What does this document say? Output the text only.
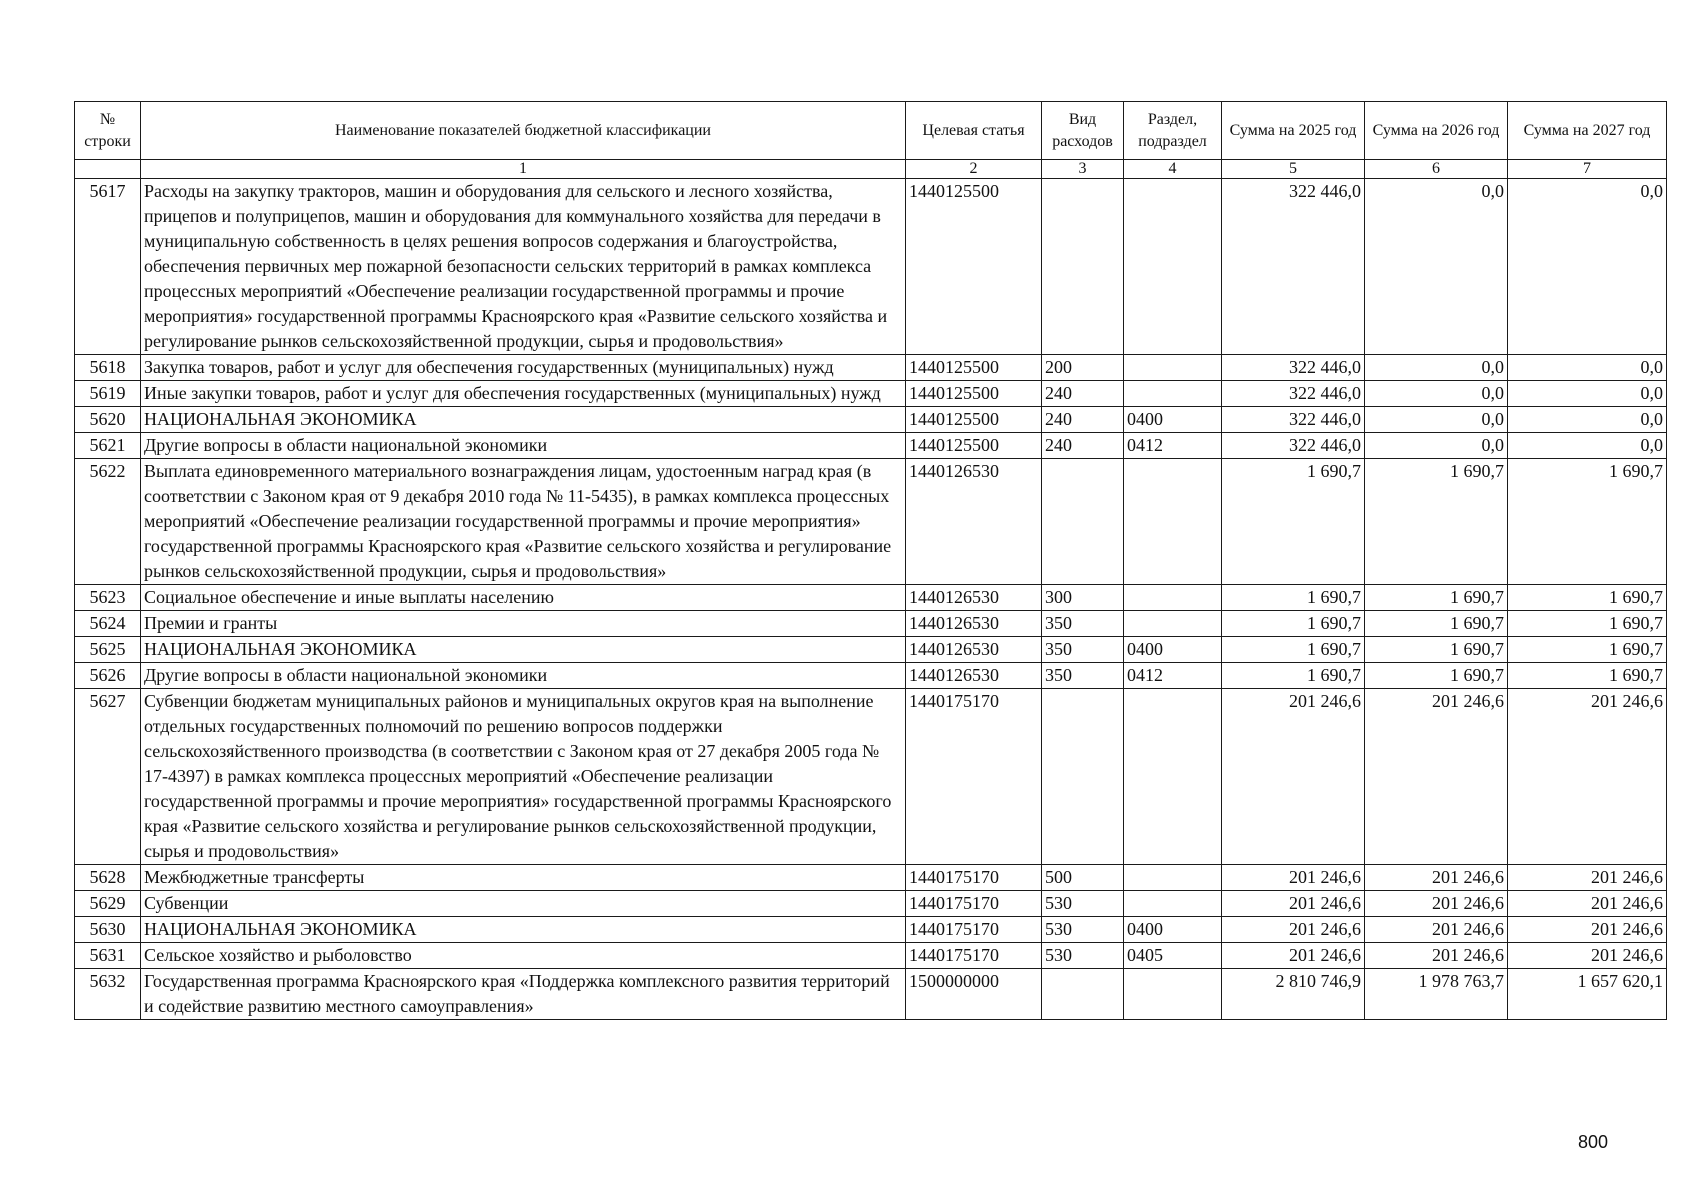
№ строки	Наименование показателей бюджетной классификации	Целевая статья	Вид расходов	Раздел, подраздел	Сумма на 2025 год	Сумма на 2026 год	Сумма на 2027 год
	1	2	3	4	5	6	7
5617	Расходы на закупку тракторов, машин и оборудования для сельского и лесного хозяйства, прицепов и полуприцепов, машин и оборудования для коммунального хозяйства для передачи в муниципальную собственность в целях решения вопросов содержания и благоустройства, обеспечения первичных мер пожарной безопасности сельских территорий в рамках комплекса процессных мероприятий «Обеспечение реализации государственной программы и прочие мероприятия» государственной программы Красноярского края «Развитие сельского хозяйства и регулирование рынков сельскохозяйственной продукции, сырья и продовольствия»	1440125500			322 446,0	0,0	0,0
5618	Закупка товаров, работ и услуг для обеспечения государственных (муниципальных) нужд	1440125500	200		322 446,0	0,0	0,0
5619	Иные закупки товаров, работ и услуг для обеспечения государственных (муниципальных) нужд	1440125500	240		322 446,0	0,0	0,0
5620	НАЦИОНАЛЬНАЯ ЭКОНОМИКА	1440125500	240	0400	322 446,0	0,0	0,0
5621	Другие вопросы в области национальной экономики	1440125500	240	0412	322 446,0	0,0	0,0
5622	Выплата единовременного материального вознаграждения лицам, удостоенным наград края (в соответствии с Законом края от 9 декабря 2010 года № 11-5435), в рамках комплекса процессных мероприятий «Обеспечение реализации государственной программы и прочие мероприятия» государственной программы Красноярского края «Развитие сельского хозяйства и регулирование рынков сельскохозяйственной продукции, сырья и продовольствия»	1440126530			1 690,7	1 690,7	1 690,7
5623	Социальное обеспечение и иные выплаты населению	1440126530	300		1 690,7	1 690,7	1 690,7
5624	Премии и гранты	1440126530	350		1 690,7	1 690,7	1 690,7
5625	НАЦИОНАЛЬНАЯ ЭКОНОМИКА	1440126530	350	0400	1 690,7	1 690,7	1 690,7
5626	Другие вопросы в области национальной экономики	1440126530	350	0412	1 690,7	1 690,7	1 690,7
5627	Субвенции бюджетам муниципальных районов и муниципальных округов края на выполнение отдельных государственных полномочий по решению вопросов поддержки сельскохозяйственного производства (в соответствии с Законом края от 27 декабря 2005 года № 17-4397) в рамках комплекса процессных мероприятий «Обеспечение реализации государственной программы и прочие мероприятия» государственной программы Красноярского края «Развитие сельского хозяйства и регулирование рынков сельскохозяйственной продукции, сырья и продовольствия»	1440175170			201 246,6	201 246,6	201 246,6
5628	Межбюджетные трансферты	1440175170	500		201 246,6	201 246,6	201 246,6
5629	Субвенции	1440175170	530		201 246,6	201 246,6	201 246,6
5630	НАЦИОНАЛЬНАЯ ЭКОНОМИКА	1440175170	530	0400	201 246,6	201 246,6	201 246,6
5631	Сельское хозяйство и рыболовство	1440175170	530	0405	201 246,6	201 246,6	201 246,6
5632	Государственная программа Красноярского края «Поддержка комплексного развития территорий и содействие развитию местного самоуправления»	1500000000			2 810 746,9	1 978 763,7	1 657 620,1
800
